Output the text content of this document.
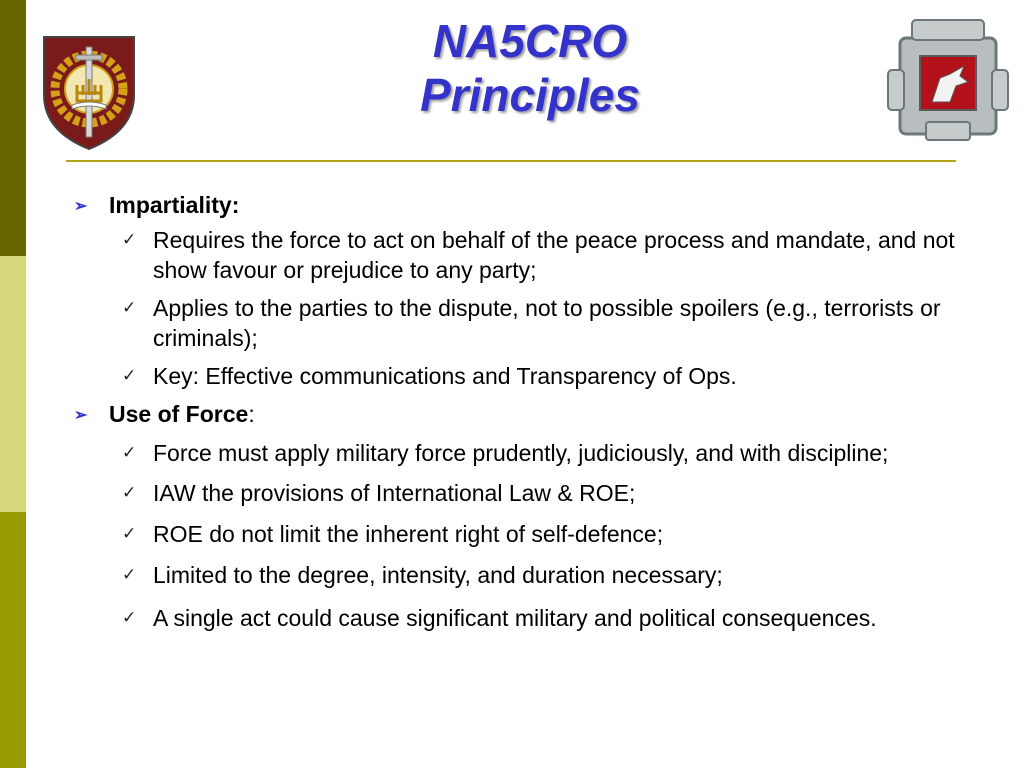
NA5CRO
Principles
➢ Impartiality:
✓ Requires the force to act on behalf of the peace process and mandate, and not show favour or prejudice to any party;
✓ Applies to the parties to the dispute, not to possible spoilers (e.g., terrorists or criminals);
✓ Key: Effective communications and Transparency of Ops.
➢ Use of Force:
✓ Force must apply military force prudently, judiciously, and with discipline;
✓ IAW the provisions of International Law & ROE;
✓ ROE do not limit the inherent right of self-defence;
✓ Limited to the degree, intensity, and duration necessary;
✓ A single act could cause significant military and political consequences.
